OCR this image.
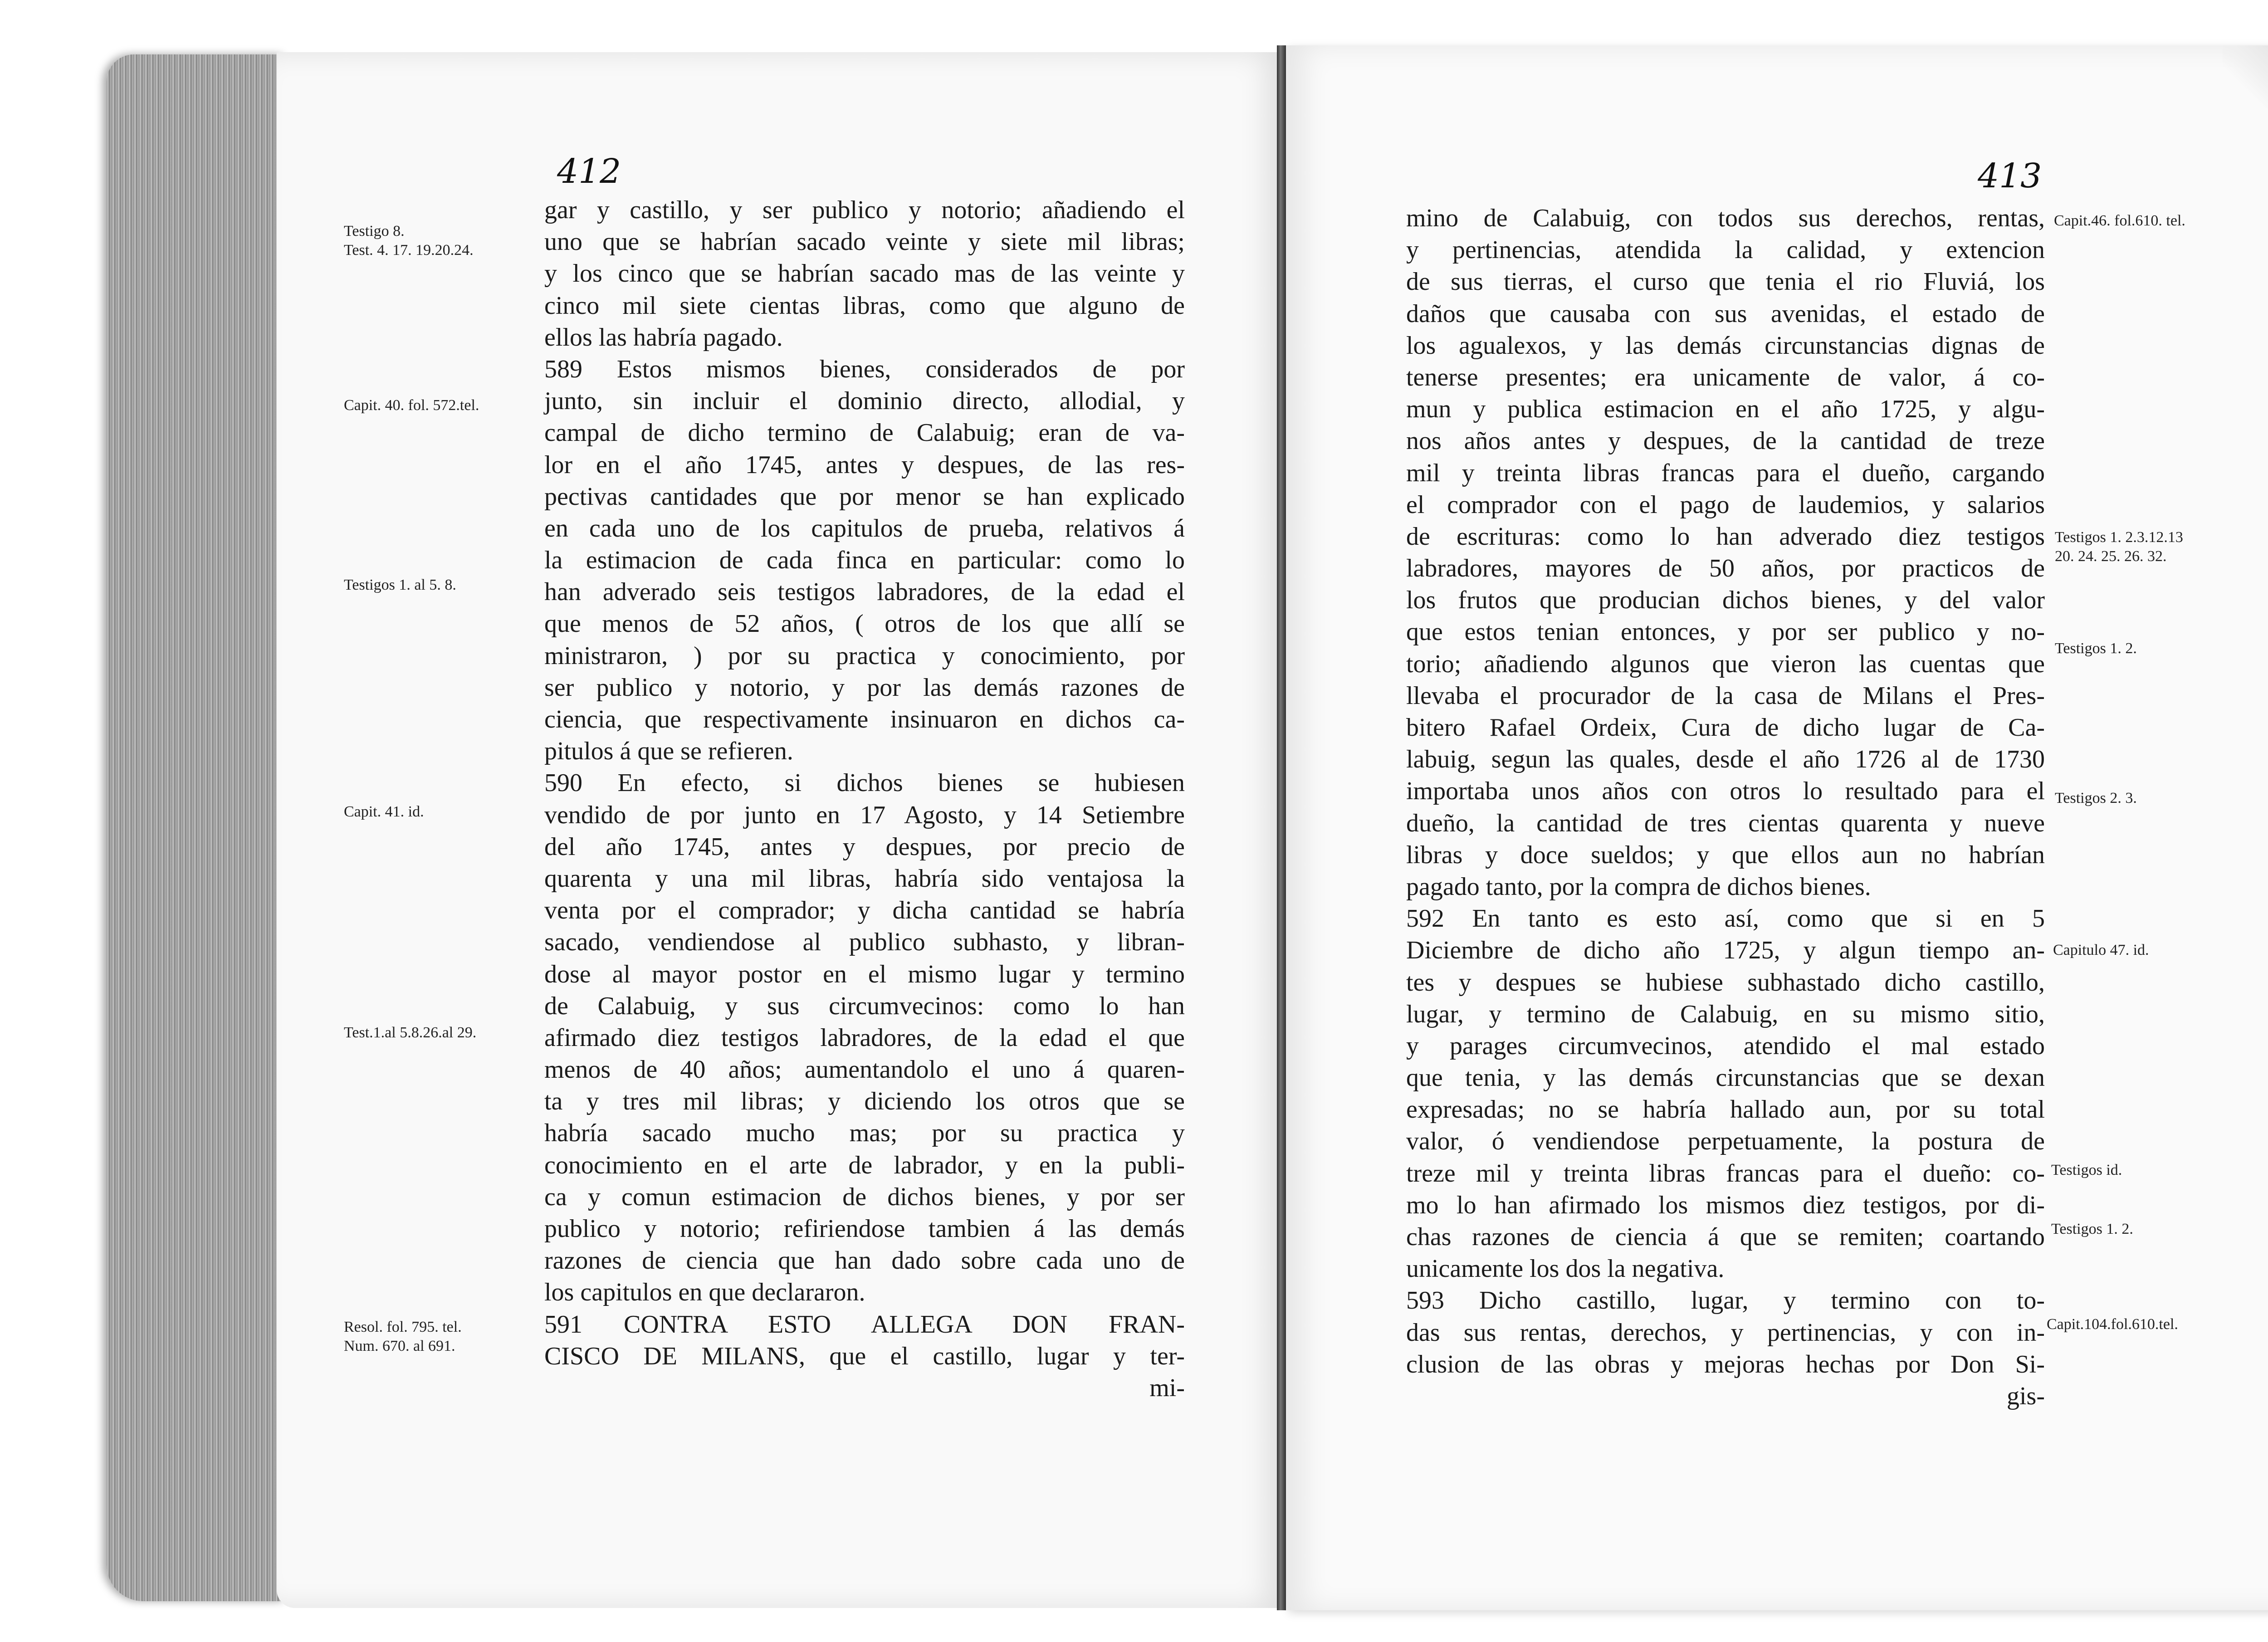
412
gar y castillo, y ser publico y notorio; añadiendo el
uno que se habrían sacado veinte y siete mil libras;
y los cinco que se habrían sacado mas de las veinte y
cinco mil siete cientas libras, como que alguno de
ellos las habría pagado.
589 Estos mismos bienes, considerados de por
junto, sin incluir el dominio directo, allodial, y
campal de dicho termino de Calabuig; eran de va-
lor en el año 1745, antes y despues, de las res-
pectivas cantidades que por menor se han explicado
en cada uno de los capitulos de prueba, relativos á
la estimacion de cada finca en particular: como lo
han adverado seis testigos labradores, de la edad el
que menos de 52 años, ( otros de los que allí se
ministraron, ) por su practica y conocimiento, por
ser publico y notorio, y por las demás razones de
ciencia, que respectivamente insinuaron en dichos ca-
pitulos á que se refieren.
590 En efecto, si dichos bienes se hubiesen
vendido de por junto en 17 Agosto, y 14 Setiembre
del año 1745, antes y despues, por precio de
quarenta y una mil libras, habría sido ventajosa la
venta por el comprador; y dicha cantidad se habría
sacado, vendiendose al publico subhasto, y libran-
dose al mayor postor en el mismo lugar y termino
de Calabuig, y sus circumvecinos: como lo han
afirmado diez testigos labradores, de la edad el que
menos de 40 años; aumentandolo el uno á quaren-
ta y tres mil libras; y diciendo los otros que se
habría sacado mucho mas; por su practica y
conocimiento en el arte de labrador, y en la publi-
ca y comun estimacion de dichos bienes, y por ser
publico y notorio; refiriendose tambien á las demás
razones de ciencia que han dado sobre cada uno de
los capitulos en que declararon.
591 CONTRA ESTO ALLEGA DON FRAN-
CISCO DE MILANS, que el castillo, lugar y ter-
mi-
Testigo 8.
Test. 4. 17. 19.20.24.
Capit. 40. fol. 572.tel.
Testigos 1. al 5. 8.
Capit. 41. id.
Test.1.al 5.8.26.al 29.
Resol. fol. 795. tel.
Num. 670. al 691.
413
mino de Calabuig, con todos sus derechos, rentas,
y pertinencias, atendida la calidad, y extencion
de sus tierras, el curso que tenia el rio Fluviá, los
daños que causaba con sus avenidas, el estado de
los agualexos, y las demás circunstancias dignas de
tenerse presentes; era unicamente de valor, á co-
mun y publica estimacion en el año 1725, y algu-
nos años antes y despues, de la cantidad de treze
mil y treinta libras francas para el dueño, cargando
el comprador con el pago de laudemios, y salarios
de escrituras: como lo han adverado diez testigos
labradores, mayores de 50 años, por practicos de
los frutos que producian dichos bienes, y del valor
que estos tenian entonces, y por ser publico y no-
torio; añadiendo algunos que vieron las cuentas que
llevaba el procurador de la casa de Milans el Pres-
bitero Rafael Ordeix, Cura de dicho lugar de Ca-
labuig, segun las quales, desde el año 1726 al de 1730
importaba unos años con otros lo resultado para el
dueño, la cantidad de tres cientas quarenta y nueve
libras y doce sueldos; y que ellos aun no habrían
pagado tanto, por la compra de dichos bienes.
592 En tanto es esto así, como que si en 5
Diciembre de dicho año 1725, y algun tiempo an-
tes y despues se hubiese subhastado dicho castillo,
lugar, y termino de Calabuig, en su mismo sitio,
y parages circumvecinos, atendido el mal estado
que tenia, y las demás circunstancias que se dexan
expresadas; no se habría hallado aun, por su total
valor, ó vendiendose perpetuamente, la postura de
treze mil y treinta libras francas para el dueño: co-
mo lo han afirmado los mismos diez testigos, por di-
chas razones de ciencia á que se remiten; coartando
unicamente los dos la negativa.
593 Dicho castillo, lugar, y termino con to-
das sus rentas, derechos, y pertinencias, y con in-
clusion de las obras y mejoras hechas por Don Si-
gis-
Capit.46. fol.610. tel.
Testigos 1. 2.3.12.13
20. 24. 25. 26. 32.
Testigos 1. 2.
Testigos 2. 3.
Capitulo 47. id.
Testigos id.
Testigos 1. 2.
Capit.104.fol.610.tel.
